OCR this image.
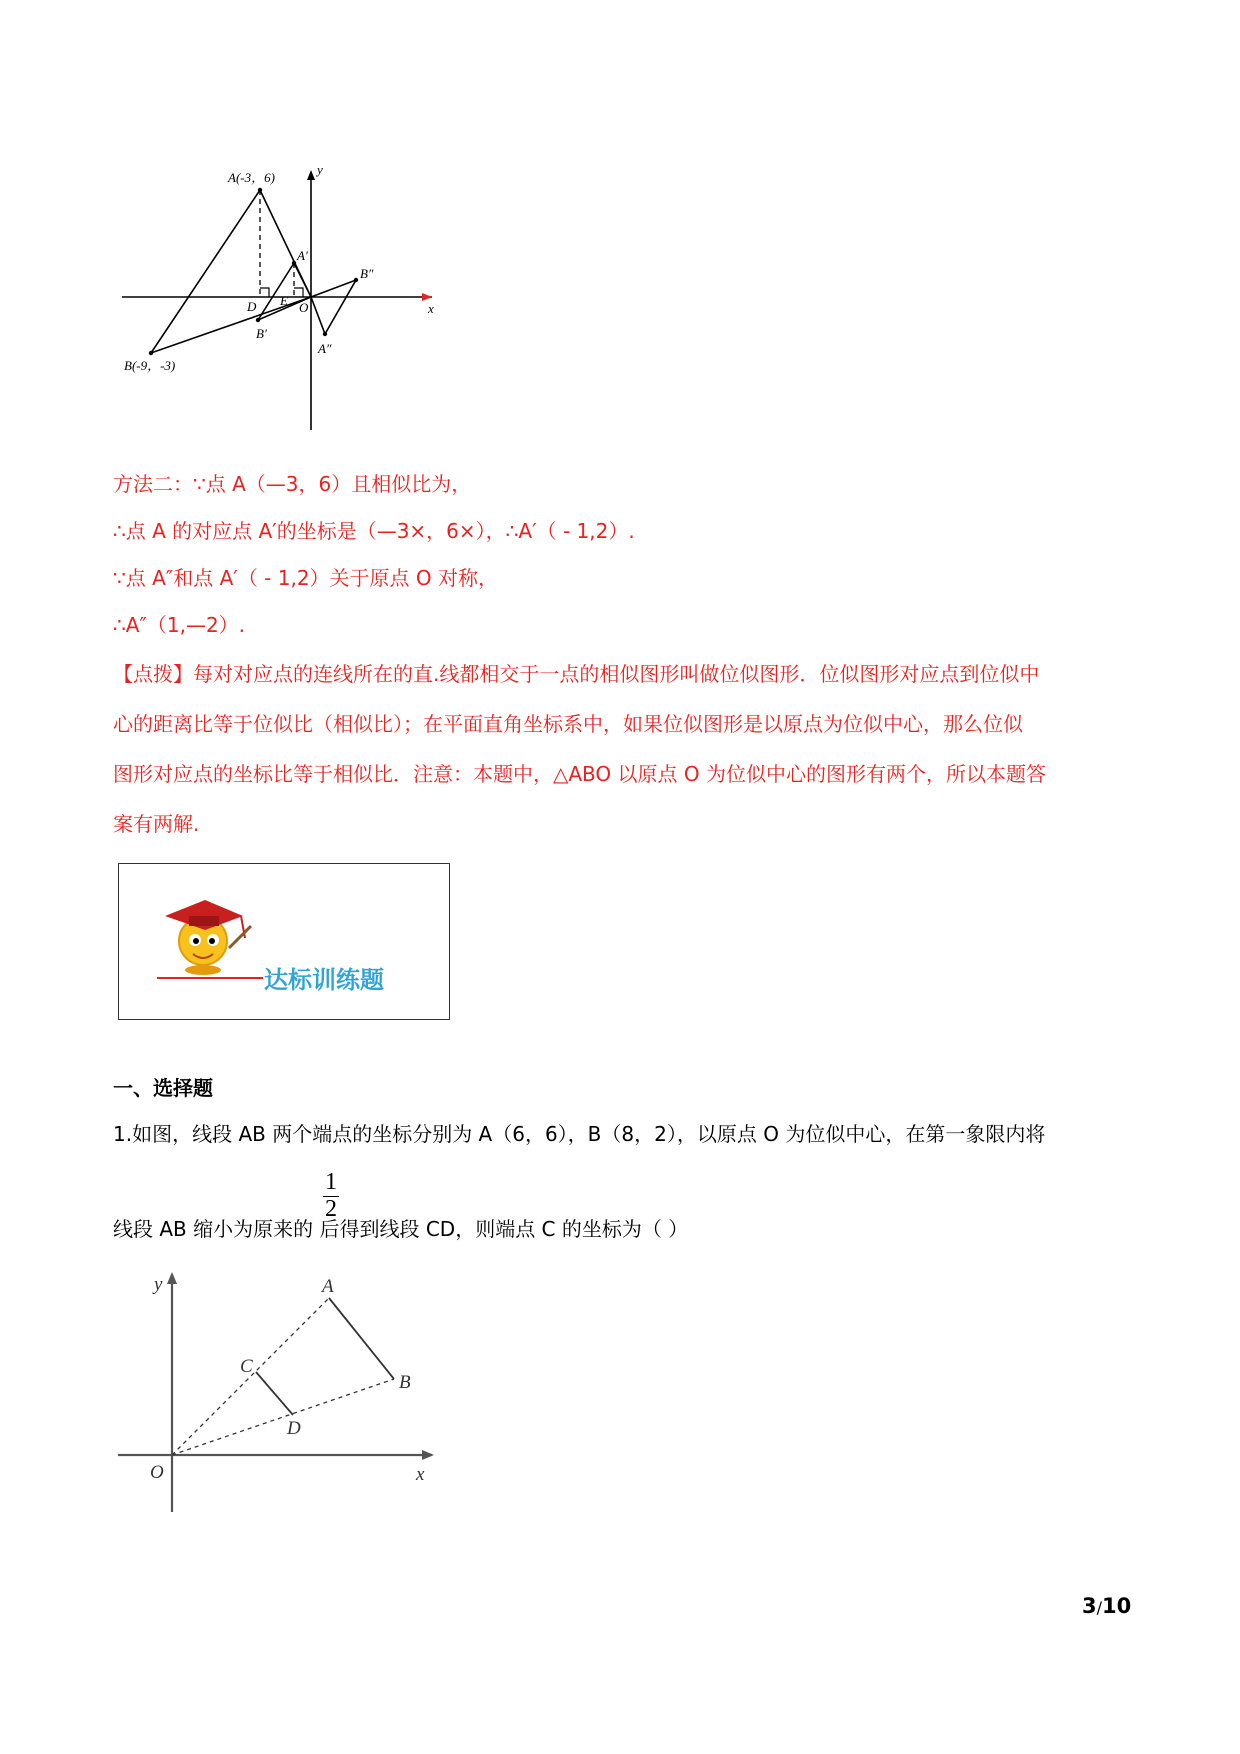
A(-3，6)
B(-9，-3)
A′
B′
A″
B″
D E O	x
y
方法二：∵点 A（—3，6）且相似比为，
∴点 A 的对应点 A′的坐标是（—3×，6×），∴A′（ - 1,2）.
∵点 A″和点 A′（ - 1,2）关于原点 O 对称，
∴A″（1,—2）.
【点拨】每对对应点的连线所在的直.线都相交于一点的相似图形叫做位似图形．位似图形对应点到位似中
心的距离比等于位似比（相似比）；在平面直角坐标系中，如果位似图形是以原点为位似中心，那么位似
图形对应点的坐标比等于相似比．注意：本题中，△ABO 以原点 O 为位似中心的图形有两个，所以本题答
案有两解.
达标训练题
一、选择题
1.如图，线段 AB 两个端点的坐标分别为 A（6，6），B（8，2），以原点 O 为位似中心，在第一象限内将
1
2
线段 AB 缩小为原来的 后得到线段 CD，则端点 C 的坐标为（ ）
A
B
C
D
O	x
y
3/10
